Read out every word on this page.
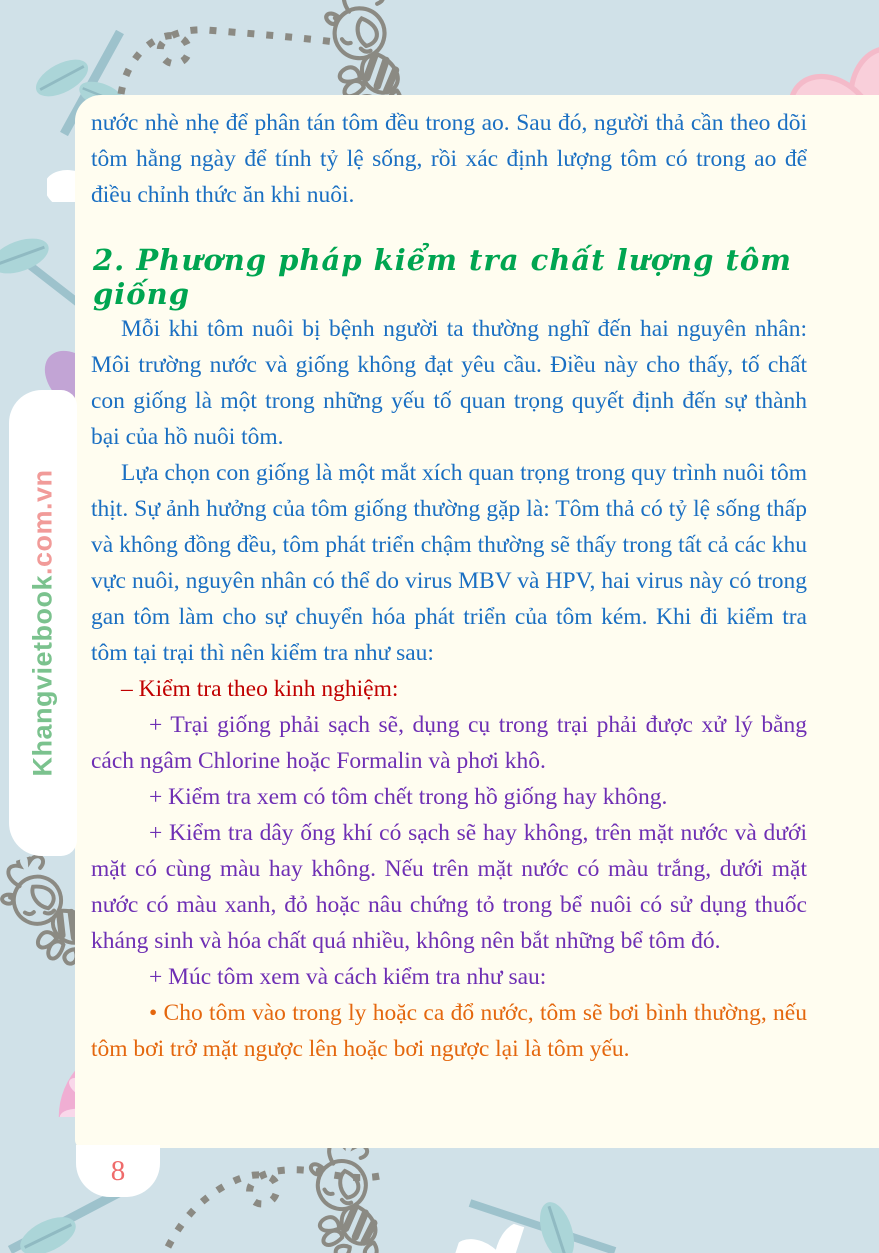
nước nhè nhẹ để phân tán tôm đều trong ao. Sau đó, người thả cần theo dõi tôm hằng ngày để tính tỷ lệ sống, rồi xác định lượng tôm có trong ao để điều chỉnh thức ăn khi nuôi.

2. Phương pháp kiểm tra chất lượng tôm giống

Mỗi khi tôm nuôi bị bệnh người ta thường nghĩ đến hai nguyên nhân: Môi trường nước và giống không đạt yêu cầu. Điều này cho thấy, tố chất con giống là một trong những yếu tố quan trọng quyết định đến sự thành bại của hồ nuôi tôm.

Lựa chọn con giống là một mắt xích quan trọng trong quy trình nuôi tôm thịt. Sự ảnh hưởng của tôm giống thường gặp là: Tôm thả có tỷ lệ sống thấp và không đồng đều, tôm phát triển chậm thường sẽ thấy trong tất cả các khu vực nuôi, nguyên nhân có thể do virus MBV và HPV, hai virus này có trong gan tôm làm cho sự chuyển hóa phát triển của tôm kém. Khi đi kiểm tra tôm tại trại thì nên kiểm tra như sau:

– Kiểm tra theo kinh nghiệm:

+ Trại giống phải sạch sẽ, dụng cụ trong trại phải được xử lý bằng cách ngâm Chlorine hoặc Formalin và phơi khô.

+ Kiểm tra xem có tôm chết trong hồ giống hay không.

+ Kiểm tra dây ống khí có sạch sẽ hay không, trên mặt nước và dưới mặt có cùng màu hay không. Nếu trên mặt nước có màu trắng, dưới mặt nước có màu xanh, đỏ hoặc nâu chứng tỏ trong bể nuôi có sử dụng thuốc kháng sinh và hóa chất quá nhiều, không nên bắt những bể tôm đó.

+ Múc tôm xem và cách kiểm tra như sau:

• Cho tôm vào trong ly hoặc ca đổ nước, tôm sẽ bơi bình thường, nếu tôm bơi trở mặt ngược lên hoặc bơi ngược lại là tôm yếu.

Khangvietbook.com.vn
8
